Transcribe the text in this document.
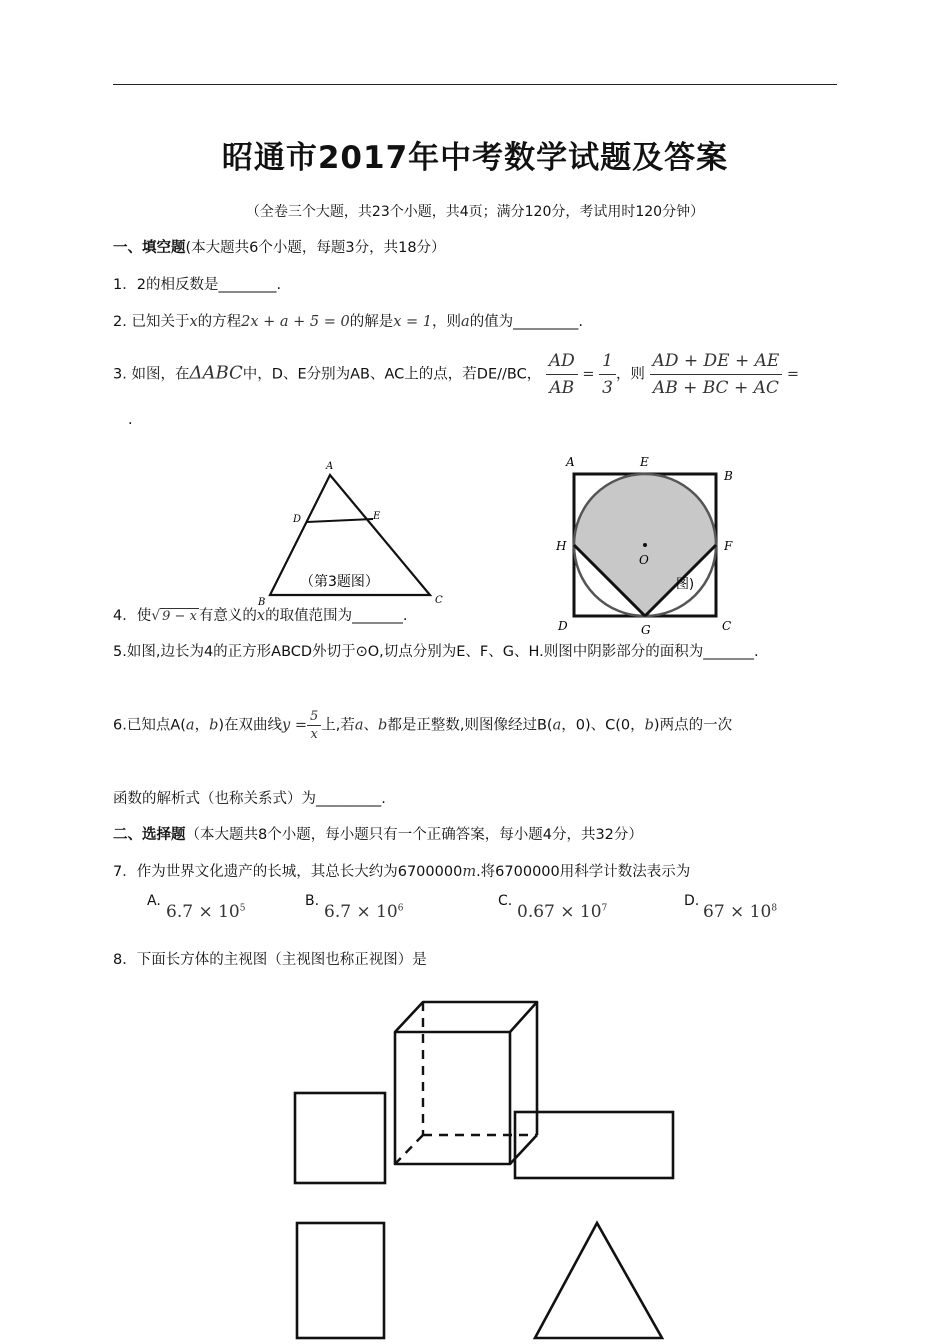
昭通市2017年中考数学试题及答案
（全卷三个大题，共23个小题，共4页；满分120分，考试用时120分钟）
一、填空题(本大题共6个小题，每题3分，共18分）
1．2的相反数是________.
2. 已知关于x的方程2x + a + 5 = 0的解是x = 1，则a的值为_________.
3. 如图，在ΔABC中，D、E分别为AB、AC上的点，若DE//BC， $\frac{AD}{AB} = \frac{1}{3}$ ，则 $\frac{AD + DE + AE}{AB + BC + AC}$ =
.
A
D	E
B	C
（第3题图）
A	E
B
H	F
O
D	G	C
图)
4．使√ 9 − x 有意义的x的取值范围为_______.
5.如图,边长为4的正方形ABCD外切于⊙O,切点分别为E、F、G、H.则图中阴影部分的面积为_______.
6.已知点A(a，b)在双曲线$y = \frac{5}{x}$ 上,若a、b都是正整数,则图像经过B(a，0)、C(0，b)两点的一次
函数的解析式（也称关系式）为_________.
二、选择题（本大题共8个小题，每小题只有一个正确答案，每小题4分，共32分）
7．作为世界文化遗产的长城，其总长大约为6700000m.将6700000用科学计数法表示为
A.
$6.7 \times 10^5$	B.
$6.7 \times 10^6$	C.
$0.67 \times 10^7$	D.
$67 \times 10^8$
8．下面长方体的主视图（主视图也称正视图）是
